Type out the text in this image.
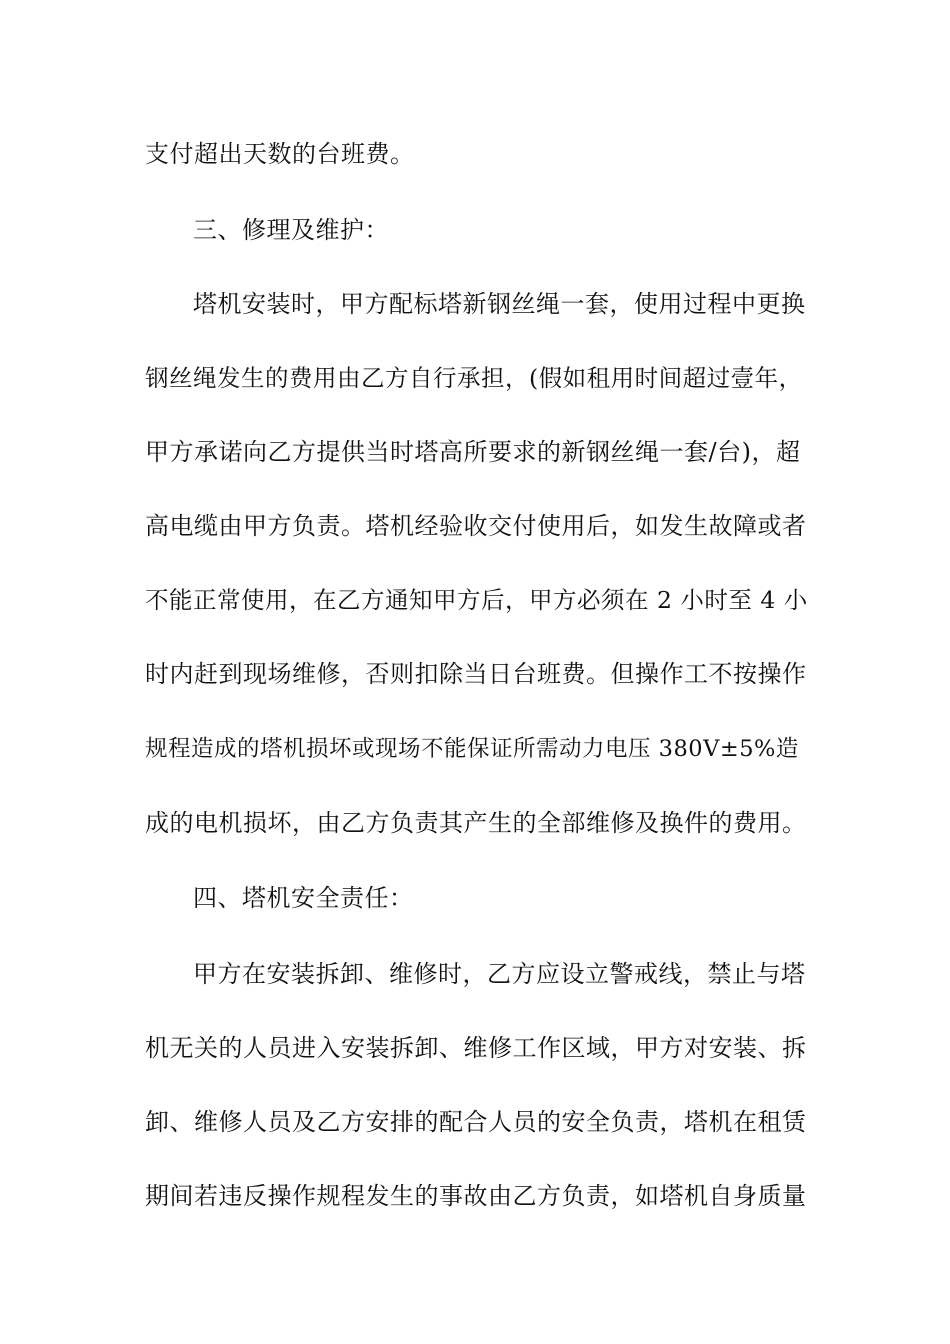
支付超出天数的台班费。
三、修理及维护：
塔机安装时，甲方配标塔新钢丝绳一套，使用过程中更换
钢丝绳发生的费用由乙方自行承担，(假如租用时间超过壹年，
甲方承诺向乙方提供当时塔高所要求的新钢丝绳一套/台)，超
高电缆由甲方负责。塔机经验收交付使用后，如发生故障或者
不能正常使用，在乙方通知甲方后，甲方必须在 2 小时至 4 小
时内赶到现场维修，否则扣除当日台班费。但操作工不按操作
规程造成的塔机损坏或现场不能保证所需动力电压 380V±5%造
成的电机损坏，由乙方负责其产生的全部维修及换件的费用。
四、塔机安全责任：
甲方在安装拆卸、维修时，乙方应设立警戒线，禁止与塔
机无关的人员进入安装拆卸、维修工作区域，甲方对安装、拆
卸、维修人员及乙方安排的配合人员的安全负责，塔机在租赁
期间若违反操作规程发生的事故由乙方负责，如塔机自身质量
